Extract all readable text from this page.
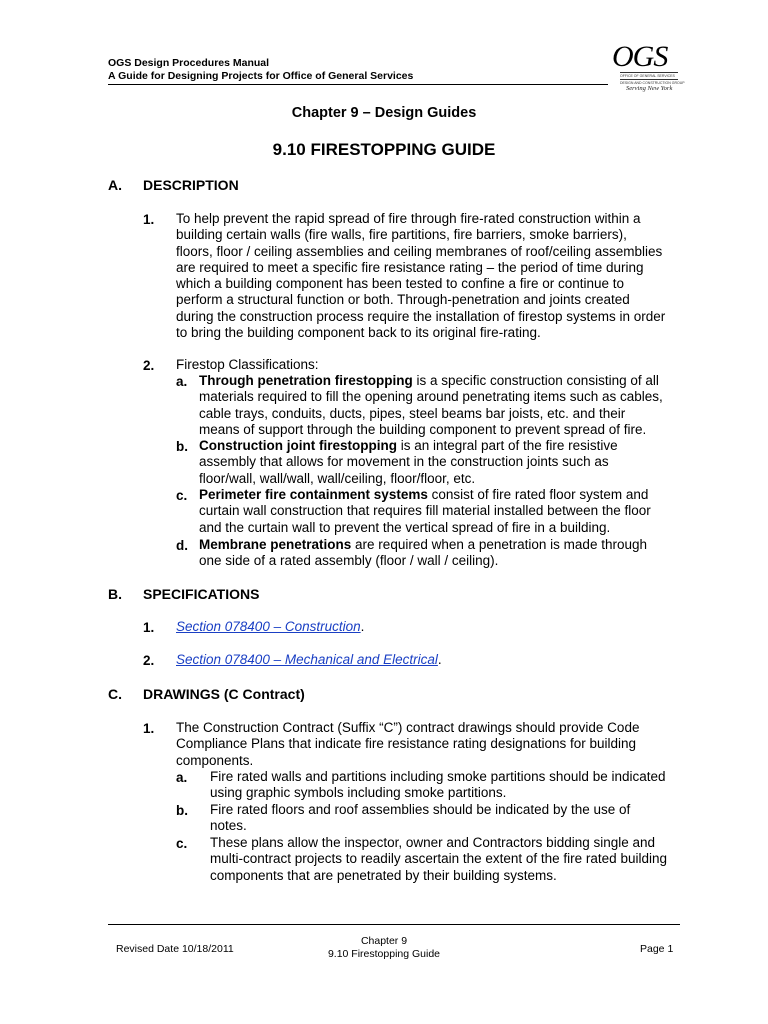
OGS Design Procedures Manual
A Guide for Designing Projects for Office of General Services
OGS
OFFICE OF GENERAL SERVICES
DESIGN AND CONSTRUCTION GROUP
Serving New York
Chapter 9 – Design Guides
9.10 FIRESTOPPING GUIDE
A. DESCRIPTION
1. To help prevent the rapid spread of fire through fire-rated construction within a
building certain walls (fire walls, fire partitions, fire barriers, smoke barriers),
floors, floor / ceiling assemblies and ceiling membranes of roof/ceiling assemblies
are required to meet a specific fire resistance rating – the period of time during
which a building component has been tested to confine a fire or continue to
perform a structural function or both. Through-penetration and joints created
during the construction process require the installation of firestop systems in order
to bring the building component back to its original fire-rating.
2. Firestop Classifications:
a. Through penetration firestopping is a specific construction consisting of all
materials required to fill the opening around penetrating items such as cables,
cable trays, conduits, ducts, pipes, steel beams bar joists, etc. and their
means of support through the building component to prevent spread of fire.
b. Construction joint firestopping is an integral part of the fire resistive
assembly that allows for movement in the construction joints such as
floor/wall, wall/wall, wall/ceiling, floor/floor, etc.
c. Perimeter fire containment systems consist of fire rated floor system and
curtain wall construction that requires fill material installed between the floor
and the curtain wall to prevent the vertical spread of fire in a building.
d. Membrane penetrations are required when a penetration is made through
one side of a rated assembly (floor / wall / ceiling).
B. SPECIFICATIONS
1. Section 078400 – Construction.
2. Section 078400 – Mechanical and Electrical.
C. DRAWINGS (C Contract)
1. The Construction Contract (Suffix “C”) contract drawings should provide Code
Compliance Plans that indicate fire resistance rating designations for building
components.
a. Fire rated walls and partitions including smoke partitions should be indicated
using graphic symbols including smoke partitions.
b. Fire rated floors and roof assemblies should be indicated by the use of
notes.
c. These plans allow the inspector, owner and Contractors bidding single and
multi-contract projects to readily ascertain the extent of the fire rated building
components that are penetrated by their building systems.
Revised Date 10/18/2011
Chapter 9
9.10 Firestopping Guide	Page 1
